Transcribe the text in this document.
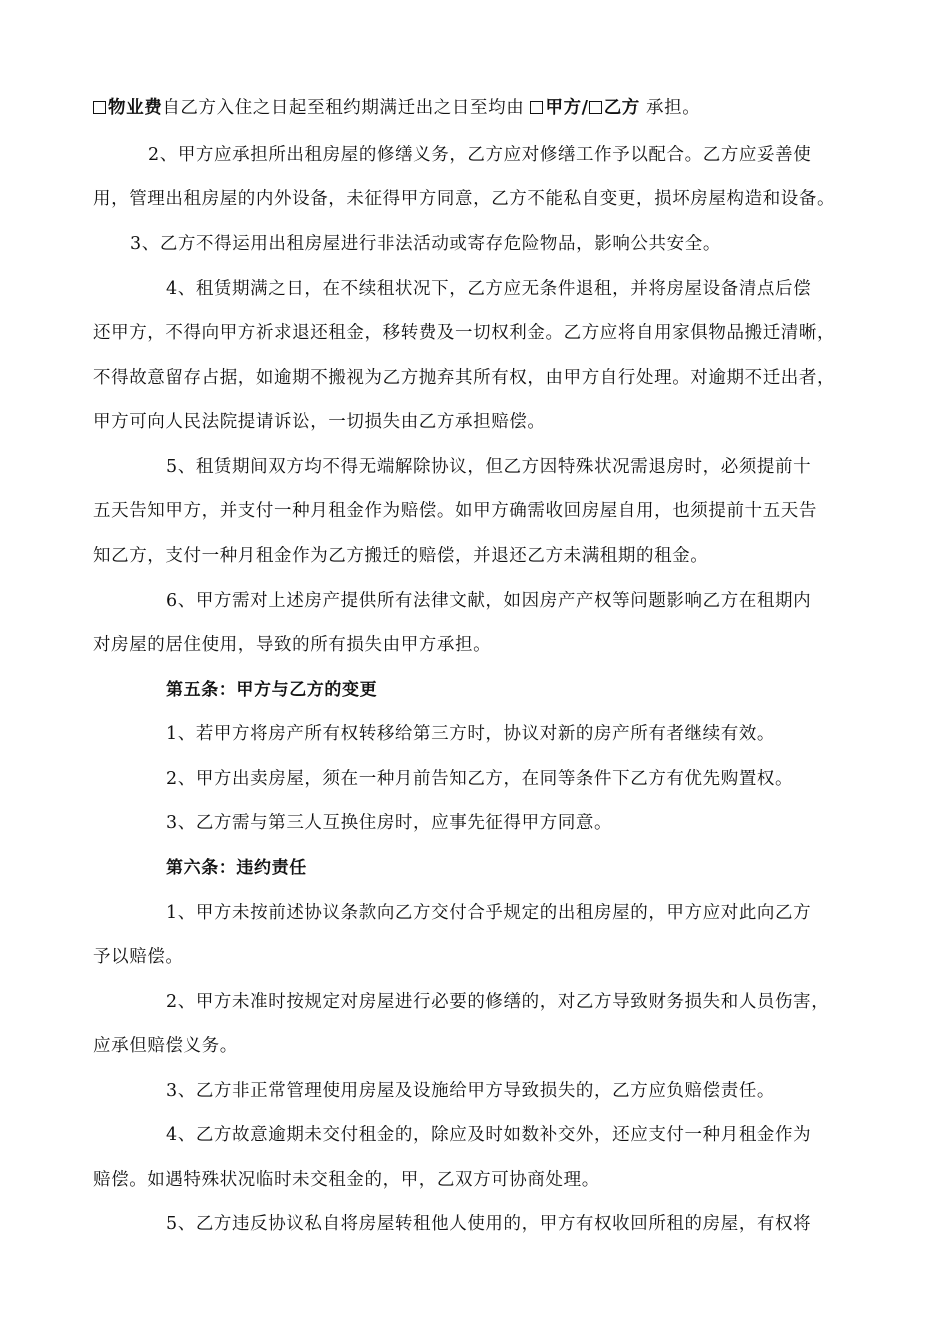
物业费自乙方入住之日起至租约期满迁出之日至均由 甲方/ 乙方 承担。
2、甲方应承担所出租房屋的修缮义务，乙方应对修缮工作予以配合。乙方应妥善使
用，管理出租房屋的内外设备，未征得甲方同意，乙方不能私自变更，损坏房屋构造和设备。
3、乙方不得运用出租房屋进行非法活动或寄存危险物品，影响公共安全。
4、租赁期满之日，在不续租状况下，乙方应无条件退租，并将房屋设备清点后偿
还甲方，不得向甲方祈求退还租金，移转费及一切权利金。乙方应将自用家俱物品搬迁清晰，
不得故意留存占据，如逾期不搬视为乙方抛弃其所有权，由甲方自行处理。对逾期不迁出者，
甲方可向人民法院提请诉讼，一切损失由乙方承担赔偿。
5、租赁期间双方均不得无端解除协议，但乙方因特殊状况需退房时，必须提前十
五天告知甲方，并支付一种月租金作为赔偿。如甲方确需收回房屋自用，也须提前十五天告
知乙方，支付一种月租金作为乙方搬迁的赔偿，并退还乙方未满租期的租金。
6、甲方需对上述房产提供所有法律文献，如因房产产权等问题影响乙方在租期内
对房屋的居住使用，导致的所有损失由甲方承担。
第五条：甲方与乙方的变更
1、若甲方将房产所有权转移给第三方时，协议对新的房产所有者继续有效。
2、甲方出卖房屋，须在一种月前告知乙方，在同等条件下乙方有优先购置权。
3、乙方需与第三人互换住房时，应事先征得甲方同意。
第六条：违约责任
1、甲方未按前述协议条款向乙方交付合乎规定的出租房屋的，甲方应对此向乙方
予以赔偿。
2、甲方未准时按规定对房屋进行必要的修缮的，对乙方导致财务损失和人员伤害，
应承但赔偿义务。
3、乙方非正常管理使用房屋及设施给甲方导致损失的，乙方应负赔偿责任。
4、乙方故意逾期未交付租金的，除应及时如数补交外，还应支付一种月租金作为
赔偿。如遇特殊状况临时未交租金的，甲，乙双方可协商处理。
5、乙方违反协议私自将房屋转租他人使用的，甲方有权收回所租的房屋，有权将
